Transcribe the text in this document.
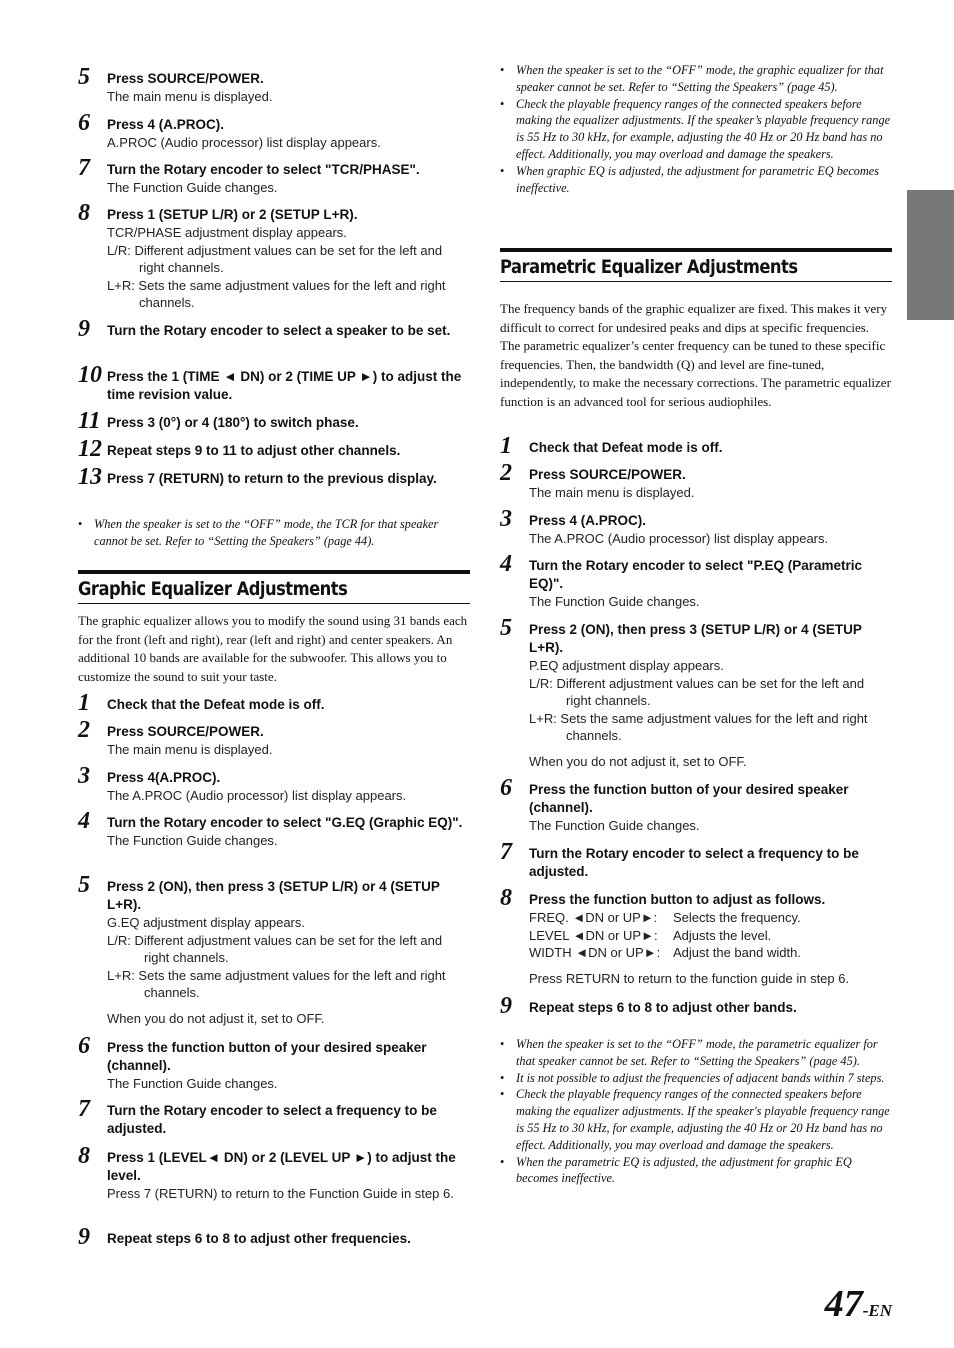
5 Press SOURCE/POWER.
The main menu is displayed.
6 Press 4 (A.PROC).
A.PROC (Audio processor) list display appears.
7 Turn the Rotary encoder to select "TCR/PHASE".
The Function Guide changes.
8 Press 1 (SETUP L/R) or 2 (SETUP L+R).
TCR/PHASE adjustment display appears.
L/R: Different adjustment values can be set for the left and right channels.
L+R: Sets the same adjustment values for the left and right channels.
9 Turn the Rotary encoder to select a speaker to be set.
10 Press the 1 (TIME ◄ DN) or 2 (TIME UP ►) to adjust the time revision value.
11 Press 3 (0°) or 4 (180°) to switch phase.
12 Repeat steps 9 to 11 to adjust other channels.
13 Press 7 (RETURN) to return to the previous display.
• When the speaker is set to the “OFF” mode, the TCR for that speaker cannot be set. Refer to “Setting the Speakers” (page 44).
Graphic Equalizer Adjustments
The graphic equalizer allows you to modify the sound using 31 bands each for the front (left and right), rear (left and right) and center speakers. An additional 10 bands are available for the subwoofer. This allows you to customize the sound to suit your taste.
1 Check that the Defeat mode is off.
2 Press SOURCE/POWER.
The main menu is displayed.
3 Press 4(A.PROC).
The A.PROC (Audio processor) list display appears.
4 Turn the Rotary encoder to select "G.EQ (Graphic EQ)".
The Function Guide changes.
5 Press 2 (ON), then press 3 (SETUP L/R) or 4 (SETUP L+R).
G.EQ adjustment display appears.
L/R: Different adjustment values can be set for the left and right channels.
L+R: Sets the same adjustment values for the left and right channels.
When you do not adjust it, set to OFF.
6 Press the function button of your desired speaker (channel).
The Function Guide changes.
7 Turn the Rotary encoder to select a frequency to be adjusted.
8 Press 1 (LEVEL◄ DN) or 2 (LEVEL UP ►) to adjust the level.
Press 7 (RETURN) to return to the Function Guide in step 6.
9 Repeat steps 6 to 8 to adjust other frequencies.
• When the speaker is set to the “OFF” mode, the graphic equalizer for that speaker cannot be set. Refer to “Setting the Speakers” (page 45).
• Check the playable frequency ranges of the connected speakers before making the equalizer adjustments. If the speaker’s playable frequency range is 55 Hz to 30 kHz, for example, adjusting the 40 Hz or 20 Hz band has no effect. Additionally, you may overload and damage the speakers.
• When graphic EQ is adjusted, the adjustment for parametric EQ becomes ineffective.
Parametric Equalizer Adjustments
The frequency bands of the graphic equalizer are fixed. This makes it very difficult to correct for undesired peaks and dips at specific frequencies. The parametric equalizer’s center frequency can be tuned to these specific frequencies. Then, the bandwidth (Q) and level are fine-tuned, independently, to make the necessary corrections. The parametric equalizer function is an advanced tool for serious audiophiles.
1 Check that Defeat mode is off.
2 Press SOURCE/POWER.
The main menu is displayed.
3 Press 4 (A.PROC).
The A.PROC (Audio processor) list display appears.
4 Turn the Rotary encoder to select "P.EQ (Parametric EQ)".
The Function Guide changes.
5 Press 2 (ON), then press 3 (SETUP L/R) or 4 (SETUP L+R).
P.EQ adjustment display appears.
L/R: Different adjustment values can be set for the left and right channels.
L+R: Sets the same adjustment values for the left and right channels.
When you do not adjust it, set to OFF.
6 Press the function button of your desired speaker (channel).
The Function Guide changes.
7 Turn the Rotary encoder to select a frequency to be adjusted.
8 Press the function button to adjust as follows.
FREQ. ◄DN or UP►:	Selects the frequency.
LEVEL ◄DN or UP►:	Adjusts the level.
WIDTH ◄DN or UP►: Adjust the band width.
Press RETURN to return to the function guide in step 6.
9 Repeat steps 6 to 8 to adjust other bands.
• When the speaker is set to the “OFF” mode, the parametric equalizer for that speaker cannot be set. Refer to “Setting the Speakers” (page 45).
• It is not possible to adjust the frequencies of adjacent bands within 7 steps.
• Check the playable frequency ranges of the connected speakers before making the equalizer adjustments. If the speaker's playable frequency range is 55 Hz to 30 kHz, for example, adjusting the 40 Hz or 20 Hz band has no effect. Additionally, you may overload and damage the speakers.
• When the parametric EQ is adjusted, the adjustment for graphic EQ becomes ineffective.
47-EN
